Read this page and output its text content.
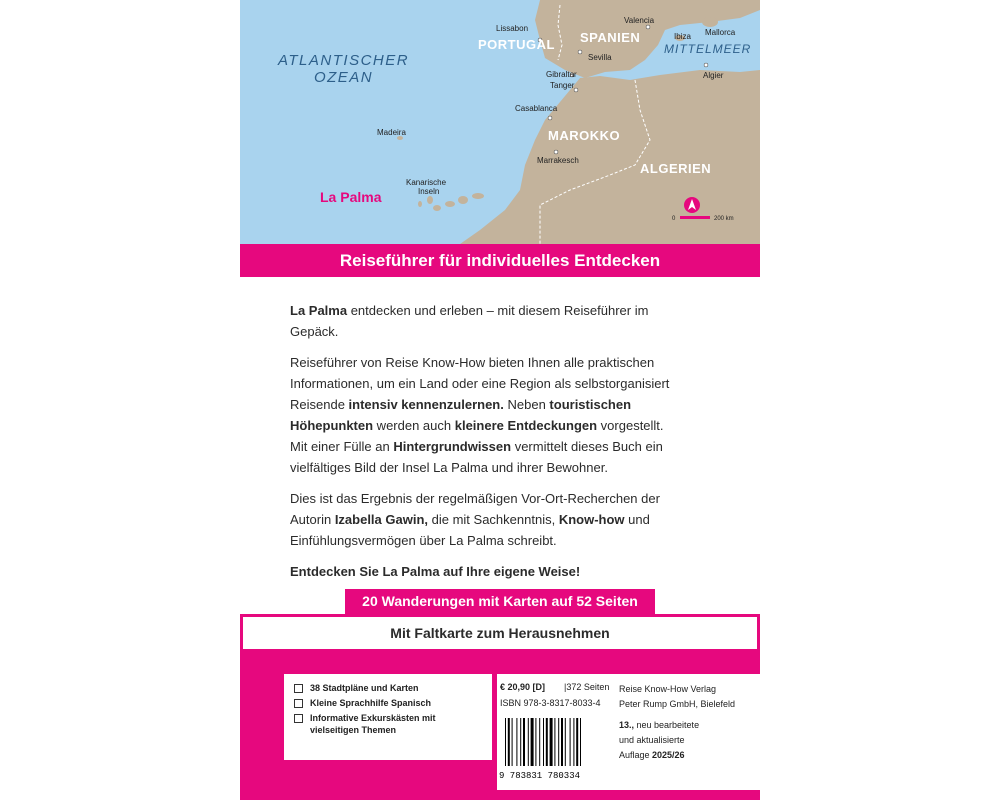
ATLANTISCHER
OZEAN
MITTELMEER
PORTUGAL SPANIEN
MAROKKO
ALGERIEN
Lissabon
Sevilla
Valencia
Ibiza Mallorca
Algier
Gibraltar
Tanger
Casablanca
Marrakesch
Madeira
Kanarische
Inseln
La Palma
0	200 km
Reiseführer für individuelles Entdecken

La Palma entdecken und erleben – mit diesem Reiseführer im Gepäck.

Reiseführer von Reise Know-How bieten Ihnen alle praktischen Informationen, um ein Land oder eine Region als selbstorganisiert Reisende intensiv kennenzulernen. Neben touristischen Höhepunkten werden auch kleinere Entdeckungen vorgestellt. Mit einer Fülle an Hintergrundwissen vermittelt dieses Buch ein vielfältiges Bild der Insel La Palma und ihrer Bewohner.

Dies ist das Ergebnis der regelmäßigen Vor-Ort-Recherchen der Autorin Izabella Gawin, die mit Sachkenntnis, Know-how und Einfühlungsvermögen über La Palma schreibt.

Entdecken Sie La Palma auf Ihre eigene Weise!

20 Wanderungen mit Karten auf 52 Seiten
Mit Faltkarte zum Herausnehmen
38 Stadtpläne und Karten
Kleine Sprachhilfe Spanisch
Informative Exkurskästen mit vielseitigen Themen
€ 20,90 [D] |372 Seiten
ISBN 978-3-8317-8033-4
9 783831 780334
Reise Know-How Verlag
Peter Rump GmbH, Bielefeld
13., neu bearbeitete
und aktualisierte
Auflage 2025/26
